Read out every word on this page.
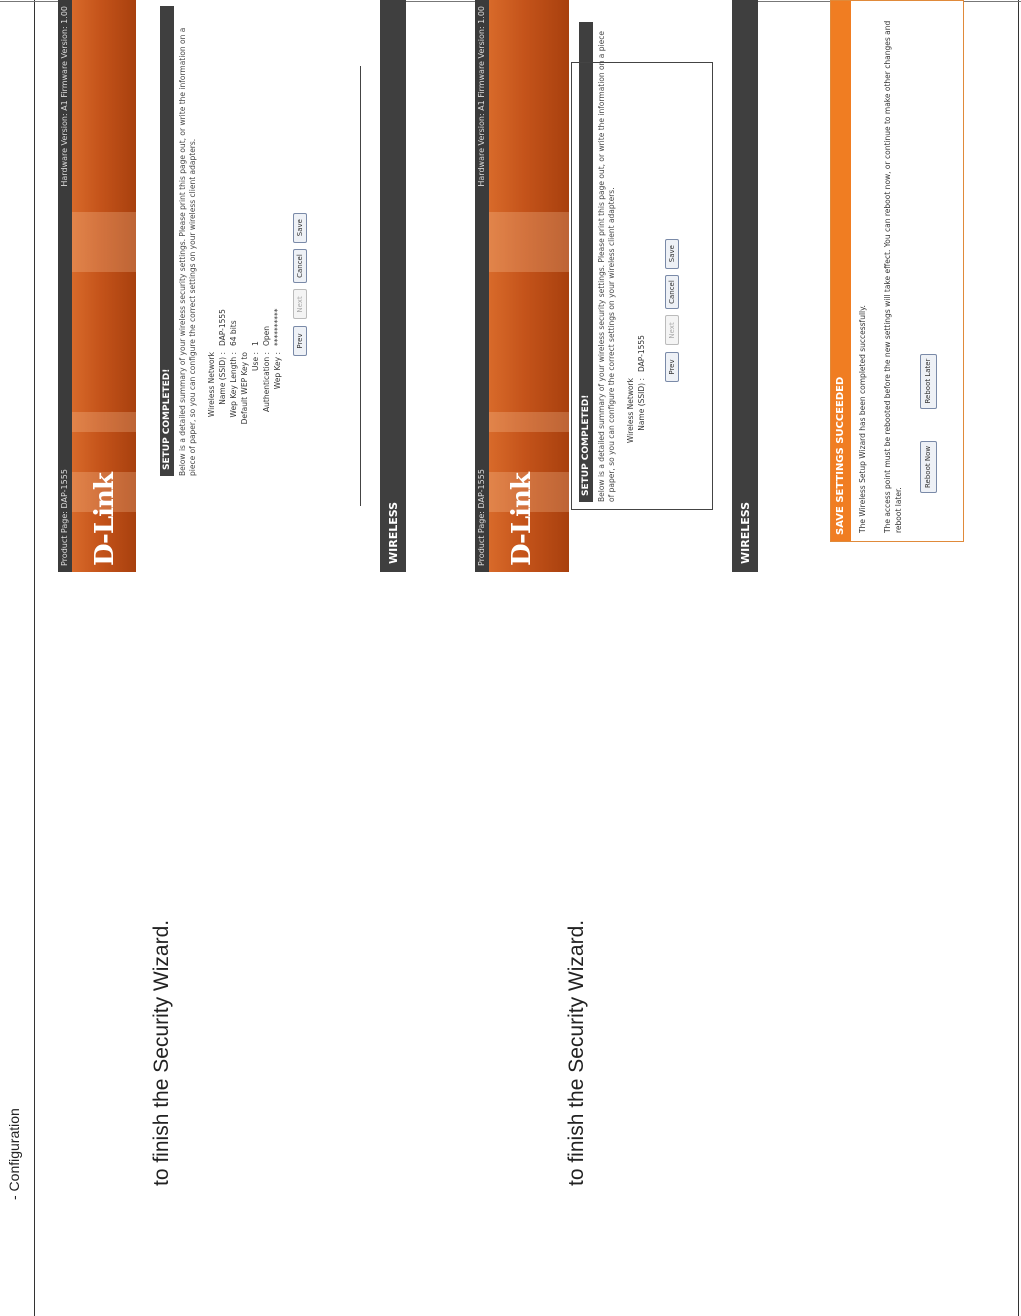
- Configuration	to finish the Security Wizard.	to finish the Security Wizard.
Product Page: DAP-1555
Hardware Version: A1 Firmware Version: 1.00
D-Link
SETUP COMPLETED! Below is a detailed summary of your wireless security settings. Please print this page out, or write the information on a piece of paper, so you can configure the correct settings on your wireless client adapters. Wireless Network Name (SSID) :DAP-1555
Wep Key Length :64 bits
Default WEP Key to Use :1
Authentication :Open
Wep Key :**********	Prev Next Cancel Save
WIRELESS	Product Page: DAP-1555
Hardware Version: A1 Firmware Version: 1.00
D-Link
SETUP COMPLETED! Below is a detailed summary of your wireless security settings. Please print this page out, or write the information on a piece of paper, so you can configure the correct settings on your wireless client adapters. Wireless Network Name (SSID) :DAP-1555	Prev Next Cancel Save
WIRELESS	SAVE SETTINGS SUCCEEDED	The Wireless Setup Wizard has been completed successfully. The access point must be rebooted before the new settings will take effect. You can reboot now, or continue to make other changes and reboot later.
Reboot Now Reboot Later
